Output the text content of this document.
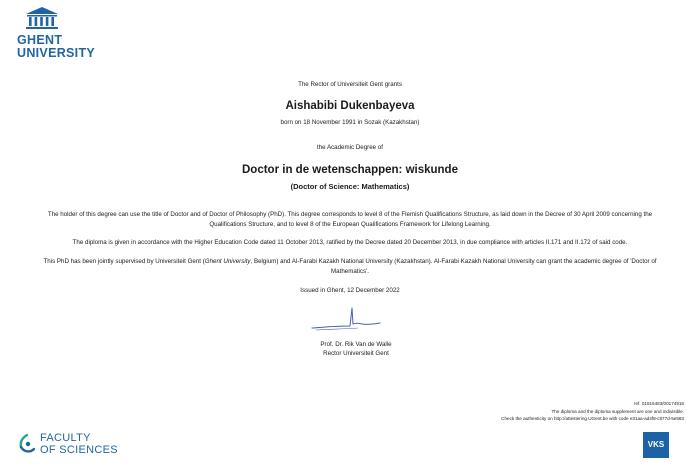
GHENT
UNIVERSITY
The Rector of Universiteit Gent grants
Aishabibi Dukenbayeva
born on 18 November 1991 in Sozak (Kazakhstan)
the Academic Degree of
Doctor in de wetenschappen: wiskunde
(Doctor of Science: Mathematics)
The holder of this degree can use the title of Doctor and of Doctor of Philosophy (PhD). This degree corresponds to level 8 of the Flemish Qualifications Structure, as laid down in the Decree of 30 April 2009 concerning the Qualifications Structure, and to level 8 of the European Qualifications Framework for Lifelong Learning.
The diploma is given in accordance with the Higher Education Code dated 11 October 2013, ratified by the Decree dated 20 December 2013, in due compliance with articles II.171 and II.172 of said code.
This PhD has been jointly supervised by Universiteit Gent (Ghent University, Belgium) and Al-Farabi Kazakh National University (Kazakhstan). Al-Farabi Kazakh National University can grant the academic degree of 'Doctor of Mathematics'.
Issued in Ghent, 12 December 2022
Prof. Dr. Rik Van de Walle
Rector Universiteit Gent
ref. 01816483/00174918
The diploma and the diploma supplement are one and indivisible.
Check the authenticity on http://attestering.UGent.be with code e31aa-ad4f8-c877d-5e583
FACULTY
OF SCIENCES	VKS
